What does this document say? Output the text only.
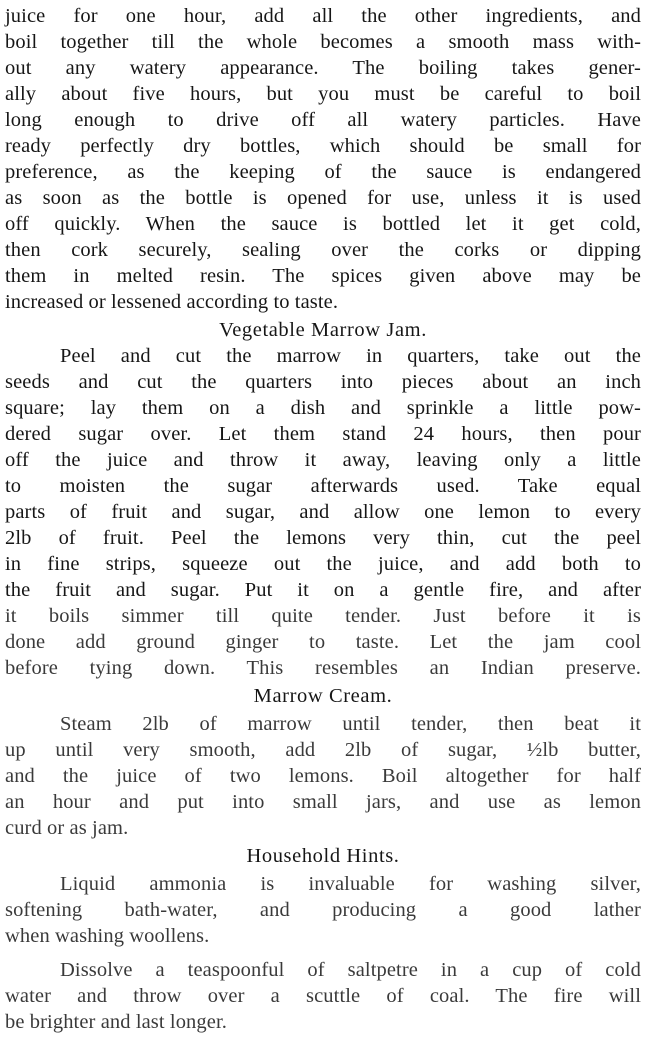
juice for one hour, add all the other ingredients, and
boil together till the whole becomes a smooth mass with-
out any watery appearance. The boiling takes gener-
ally about five hours, but you must be careful to boil
long enough to drive off all watery particles. Have
ready perfectly dry bottles, which should be small for
preference, as the keeping of the sauce is endangered
as soon as the bottle is opened for use, unless it is used
off quickly. When the sauce is bottled let it get cold,
then cork securely, sealing over the corks or dipping
them in melted resin. The spices given above may be
increased or lessened according to taste.
Vegetable Marrow Jam.
Peel and cut the marrow in quarters, take out the
seeds and cut the quarters into pieces about an inch
square; lay them on a dish and sprinkle a little pow-
dered sugar over. Let them stand 24 hours, then pour
off the juice and throw it away, leaving only a little
to moisten the sugar afterwards used. Take equal
parts of fruit and sugar, and allow one lemon to every
2lb of fruit. Peel the lemons very thin, cut the peel
in fine strips, squeeze out the juice, and add both to
the fruit and sugar. Put it on a gentle fire, and after
it boils simmer till quite tender. Just before it is
done add ground ginger to taste. Let the jam cool
before tying down. This resembles an Indian preserve.
Marrow Cream.
Steam 2lb of marrow until tender, then beat it
up until very smooth, add 2lb of sugar, ½lb butter,
and the juice of two lemons. Boil altogether for half
an hour and put into small jars, and use as lemon
curd or as jam.
Household Hints.
Liquid ammonia is invaluable for washing silver,
softening bath-water, and producing a good lather
when washing woollens.
Dissolve a teaspoonful of saltpetre in a cup of cold
water and throw over a scuttle of coal. The fire will
be brighter and last longer.
